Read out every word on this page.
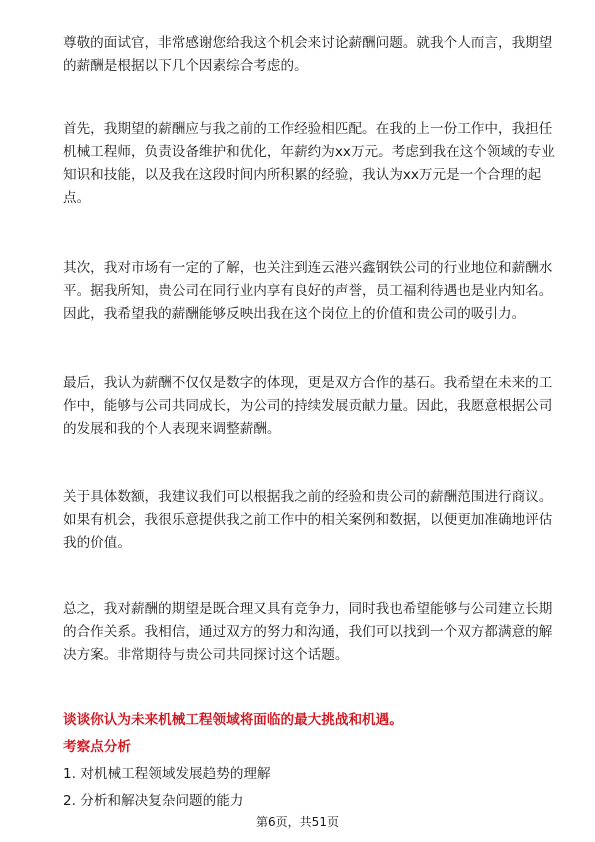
尊敬的面试官，非常感谢您给我这个机会来讨论薪酬问题。就我个人而言，我期望
的薪酬是根据以下几个因素综合考虑的。
首先，我期望的薪酬应与我之前的工作经验相匹配。在我的上一份工作中，我担任
机械工程师，负责设备维护和优化，年薪约为xx万元。考虑到我在这个领域的专业
知识和技能，以及我在这段时间内所积累的经验，我认为xx万元是一个合理的起
点。
其次，我对市场有一定的了解，也关注到连云港兴鑫钢铁公司的行业地位和薪酬水
平。据我所知，贵公司在同行业内享有良好的声誉，员工福利待遇也是业内知名。
因此，我希望我的薪酬能够反映出我在这个岗位上的价值和贵公司的吸引力。
最后，我认为薪酬不仅仅是数字的体现，更是双方合作的基石。我希望在未来的工
作中，能够与公司共同成长，为公司的持续发展贡献力量。因此，我愿意根据公司
的发展和我的个人表现来调整薪酬。
关于具体数额，我建议我们可以根据我之前的经验和贵公司的薪酬范围进行商议。
如果有机会，我很乐意提供我之前工作中的相关案例和数据，以便更加准确地评估
我的价值。
总之，我对薪酬的期望是既合理又具有竞争力，同时我也希望能够与公司建立长期
的合作关系。我相信，通过双方的努力和沟通，我们可以找到一个双方都满意的解
决方案。非常期待与贵公司共同探讨这个话题。
谈谈你认为未来机械工程领域将面临的最大挑战和机遇。
考察点分析
1. 对机械工程领域发展趋势的理解
2. 分析和解决复杂问题的能力
第6页，共51页
